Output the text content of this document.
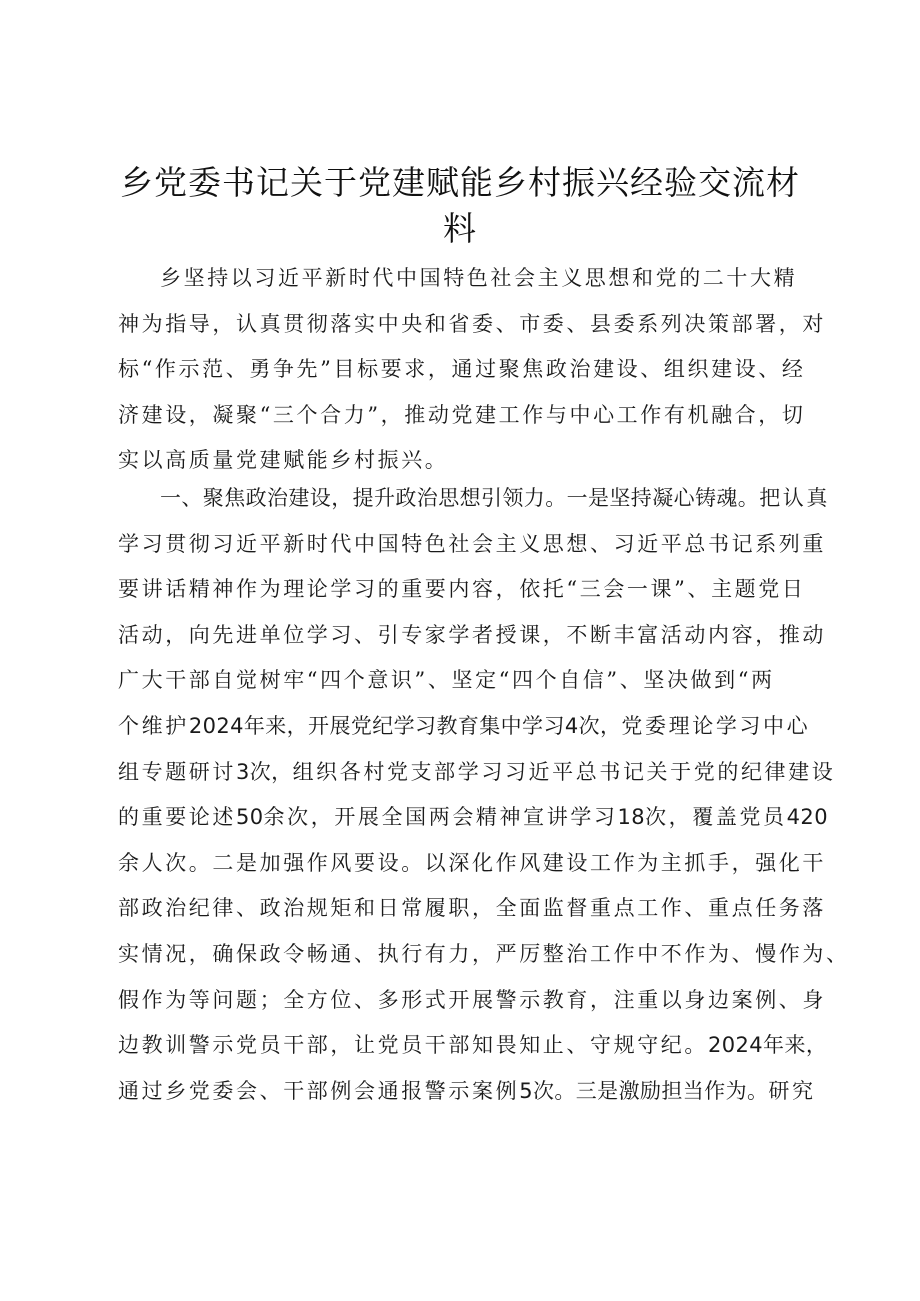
乡党委书记关于党建赋能乡村振兴经验交流材
料
乡坚持以习近平新时代中国特色社会主义思想和党的二十大精
神为指导，认真贯彻落实中央和省委、市委、县委系列决策部署，对
标“作示范、勇争先”目标要求，通过聚焦政治建设、组织建设、经
济建设，凝聚“三个合力”，推动党建工作与中心工作有机融合，切
实以高质量党建赋能乡村振兴。
一、聚焦政治建设，提升政治思想引领力。一是坚持凝心铸魂。把认真
学习贯彻习近平新时代中国特色社会主义思想、习近平总书记系列重
要讲话精神作为理论学习的重要内容，依托“三会一课”、主题党日
活动，向先进单位学习、引专家学者授课，不断丰富活动内容，推动
广大干部自觉树牢“四个意识”、坚定“四个自信”、坚决做到“两
个维护2024年来，开展党纪学习教育集中学习4次，党委理论学习中心
组专题研讨3次，组织各村党支部学习习近平总书记关于党的纪律建设
的重要论述50余次，开展全国两会精神宣讲学习18次，覆盖党员420
余人次。二是加强作风要设。以深化作风建设工作为主抓手，强化干
部政治纪律、政治规矩和日常履职，全面监督重点工作、重点任务落
实情况，确保政令畅通、执行有力，严厉整治工作中不作为、慢作为、
假作为等问题；全方位、多形式开展警示教育，注重以身边案例、身
边教训警示党员干部，让党员干部知畏知止、守规守纪。2024年来，
通过乡党委会、干部例会通报警示案例5次。三是激励担当作为。研究
